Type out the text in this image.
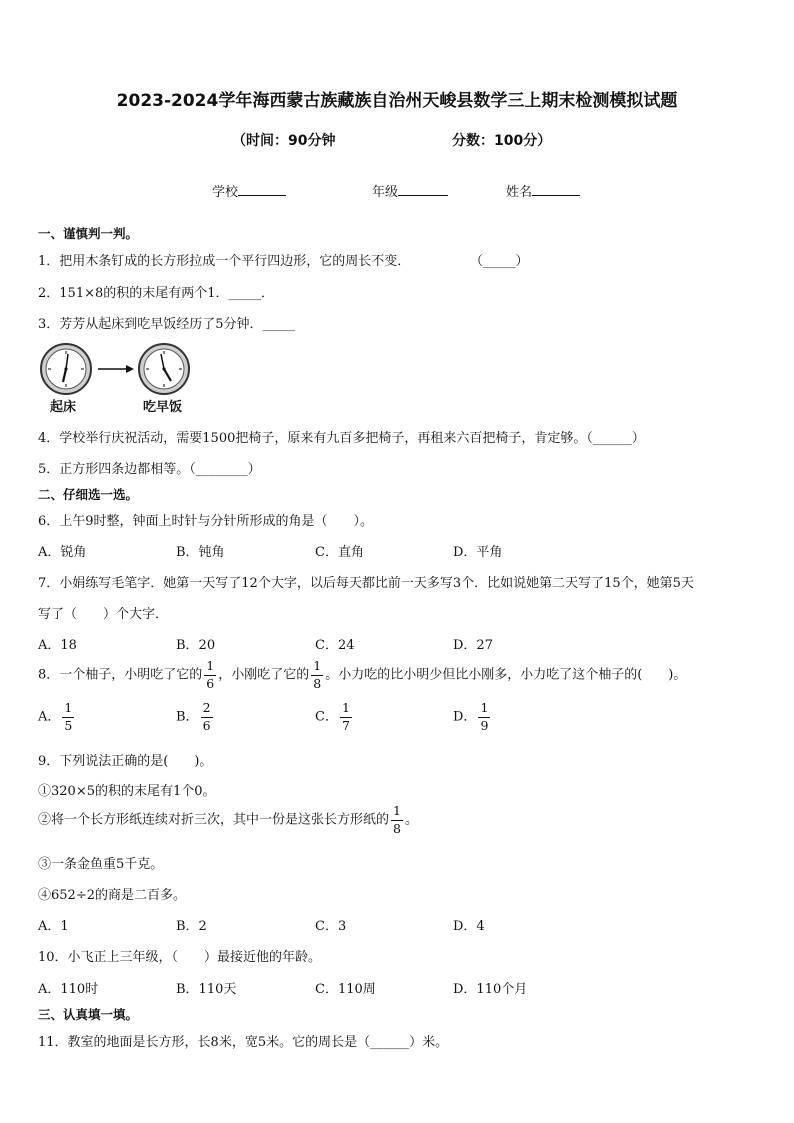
2023-2024学年海西蒙古族藏族自治州天峻县数学三上期末检测模拟试题
（时间：90分钟	分数：100分）
学校	年级	姓名
一、谨慎判一判。
1．把用木条钉成的长方形拉成一个平行四边形，它的周长不变．	（_____）
2．151×8的积的末尾有两个1．_____．
3．芳芳从起床到吃早饭经历了5分钟．_____
起床	吃早饭
4．学校举行庆祝活动，需要1500把椅子，原来有九百多把椅子，再租来六百把椅子，肯定够。（______）
5．正方形四条边都相等。（________）
二、仔细选一选。
6．上午9时整，钟面上时针与分针所形成的角是（　　）。
A．锐角	B．钝角	C．直角	D．平角
7．小娟练写毛笔字．她第一天写了12个大字，以后每天都比前一天多写3个．比如说她第二天写了15个，她第5天
写了（　　）个大字．
A．18	B．20	C．24	D．27
8．一个柚子，小明吃了它的 $\frac{1}{6}$ ，小刚吃了它的 $\frac{1}{8}$ 。小力吃的比小明少但比小刚多，小力吃了这个柚子的(　　)。
A． $\frac{1}{5}$	B． $\frac{2}{6}$	C． $\frac{1}{7}$	D． $\frac{1}{9}$
9．下列说法正确的是(　　)。
①320×5的积的末尾有1个0。
②将一个长方形纸连续对折三次，其中一份是这张长方形纸的 $\frac{1}{8}$ 。
③一条金鱼重5千克。
④652÷2的商是二百多。
A．1	B．2	C．3	D．4
10．小飞正上三年级，（　　）最接近他的年龄。
A．110时	B．110天	C．110周	D．110个月
三、认真填一填。
11．教室的地面是长方形，长8米，宽5米。它的周长是（______）米。
